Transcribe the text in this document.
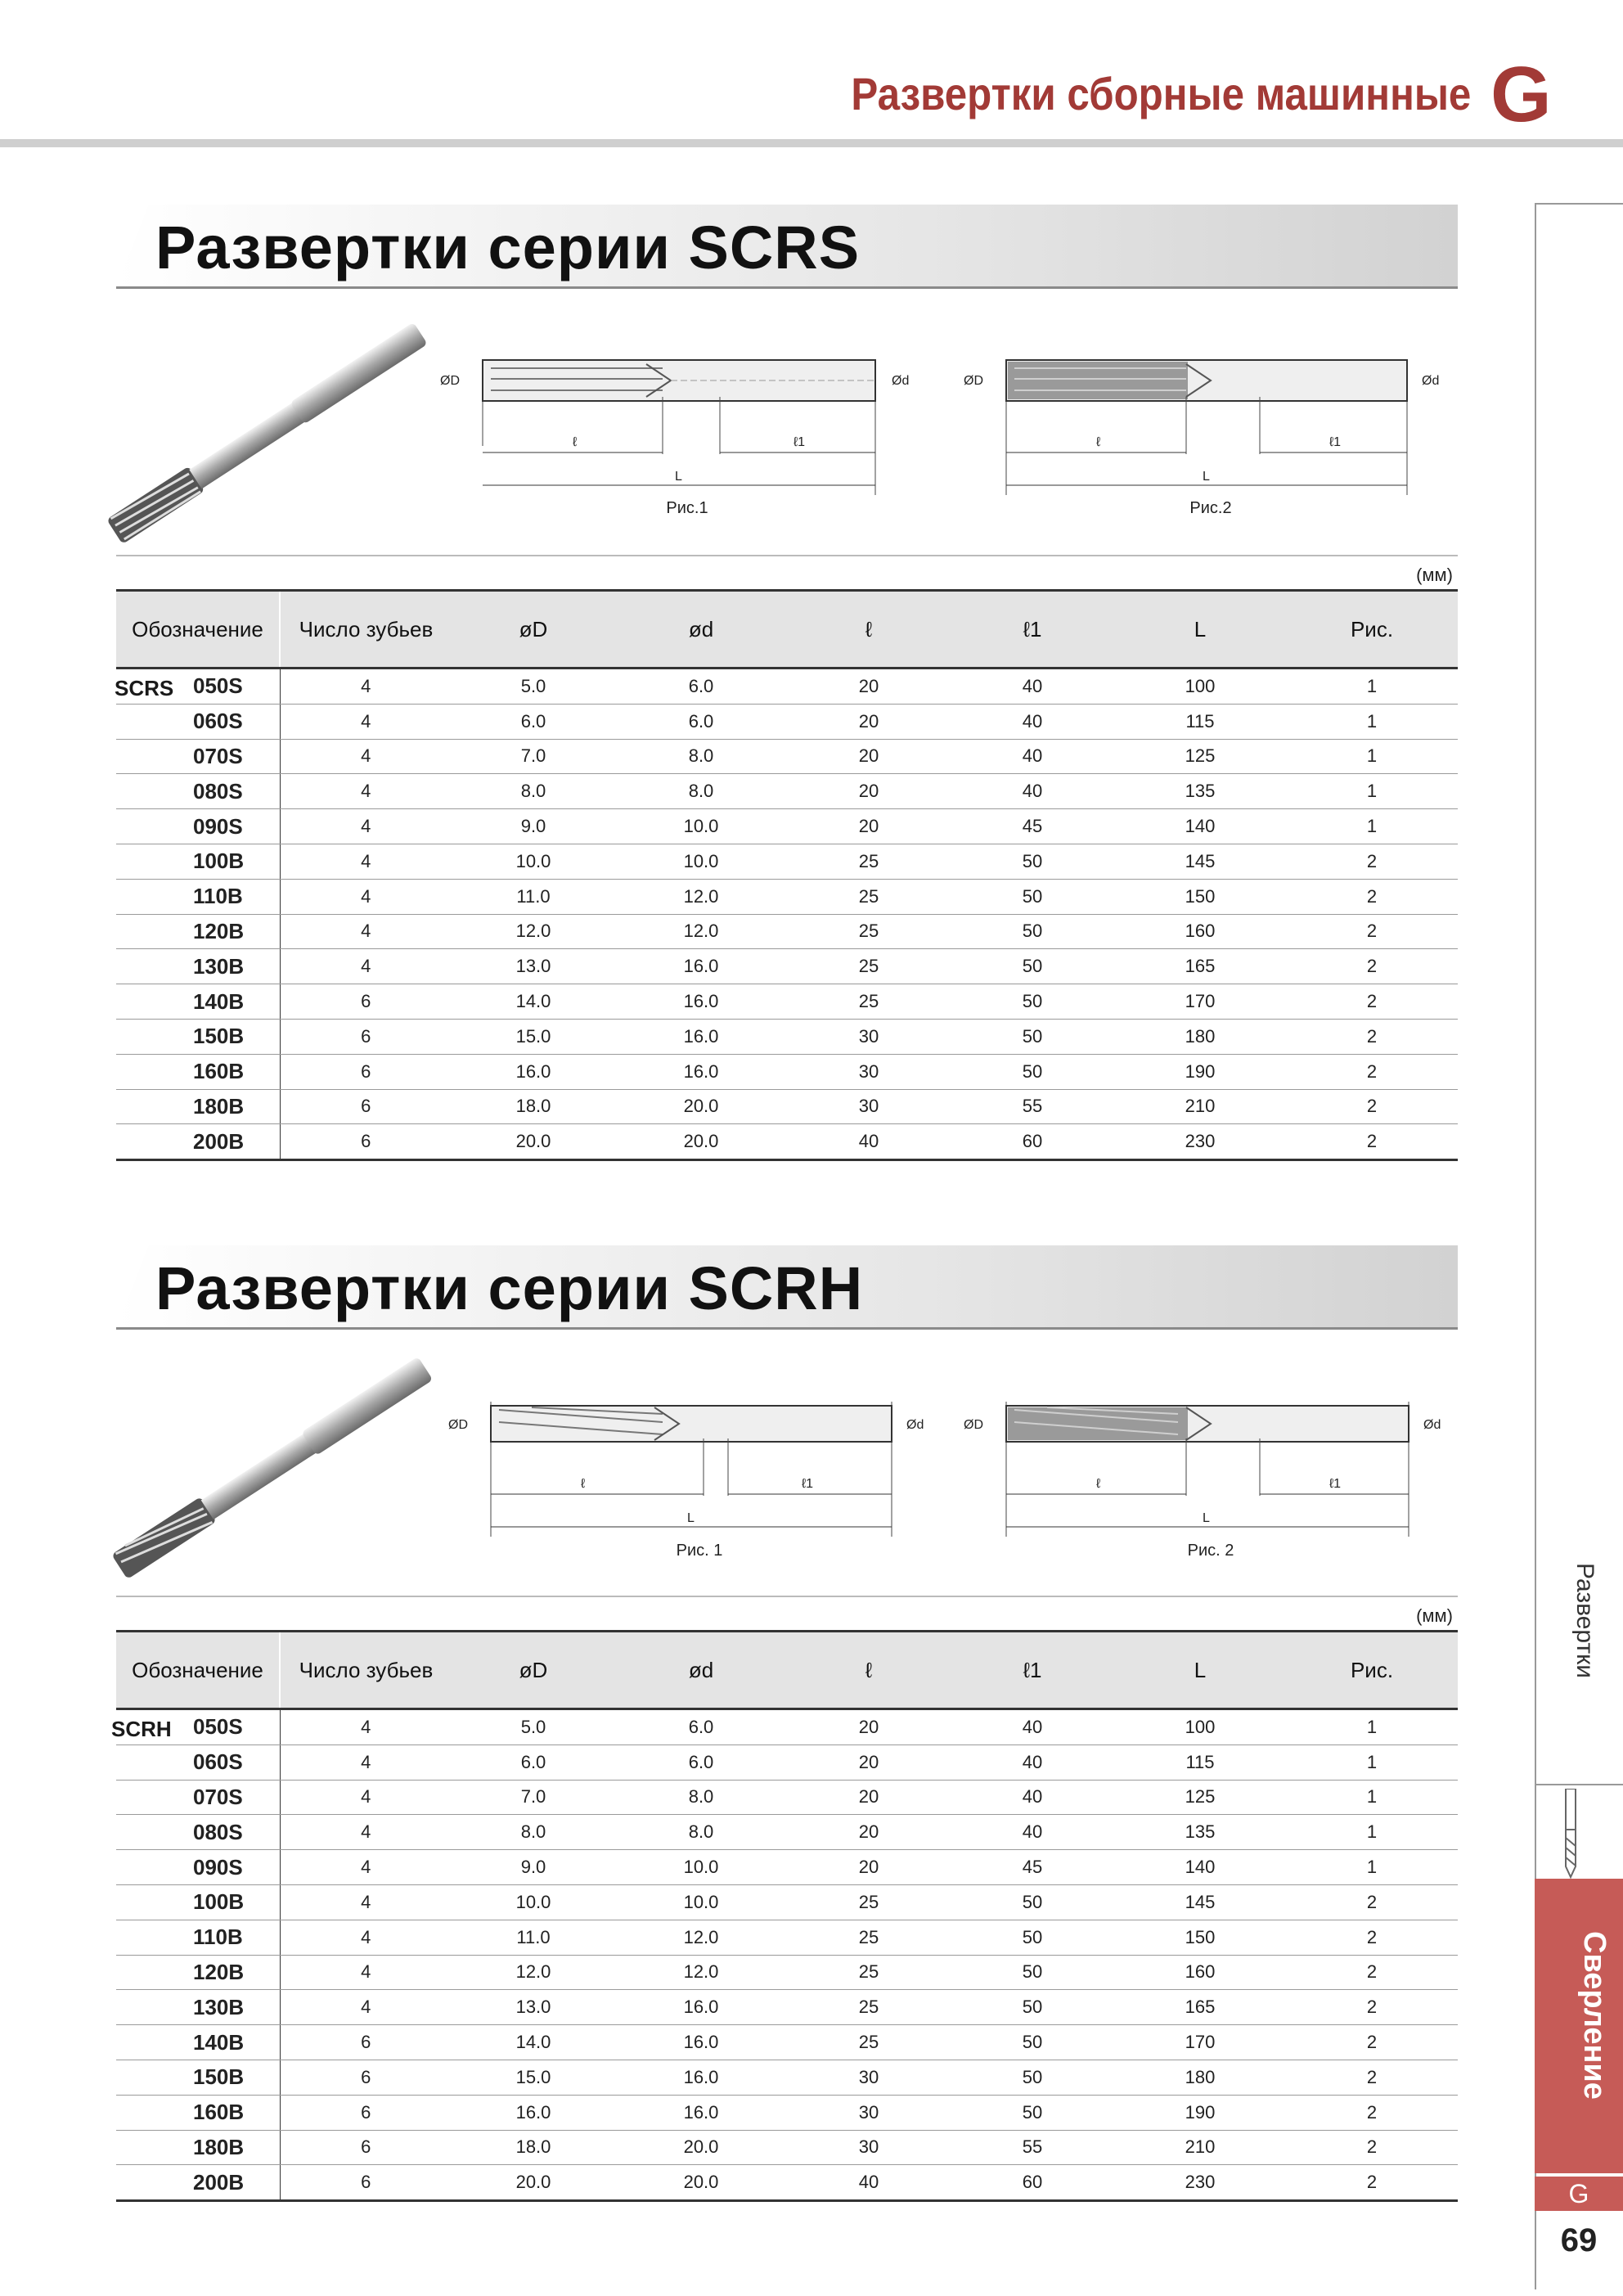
Развертки сборные машинные G
Развертки
Сверление
G
69
Развертки серии SCRS
ØD	Ød
ℓ	ℓ1
L
Рис.1
ØD	Ød
ℓ	ℓ1
L
Рис.2
(мм)
Обозначение	Число зубьев	øD	ød	ℓ	ℓ1	L	Рис.
050S	4	5.0	6.0	20	40	100	1
060S	4	6.0	6.0	20	40	115	1
070S	4	7.0	8.0	20	40	125	1
080S	4	8.0	8.0	20	40	135	1
090S	4	9.0	10.0	20	45	140	1
100B	4	10.0	10.0	25	50	145	2
110B	4	11.0	12.0	25	50	150	2
120B	4	12.0	12.0	25	50	160	2
130B	4	13.0	16.0	25	50	165	2
140B	6	14.0	16.0	25	50	170	2
150B	6	15.0	16.0	30	50	180	2
160B	6	16.0	16.0	30	50	190	2
180B	6	18.0	20.0	30	55	210	2
200B	6	20.0	20.0	40	60	230	2
Развертки серии SCRH
ØD	Ød
ℓ	ℓ1
L
Рис. 1
ØD	Ød
ℓ	ℓ1
L
Рис. 2
(мм)
Обозначение	Число зубьев	øD	ød	ℓ	ℓ1	L	Рис.
050S	4	5.0	6.0	20	40	100	1
060S	4	6.0	6.0	20	40	115	1
070S	4	7.0	8.0	20	40	125	1
080S	4	8.0	8.0	20	40	135	1
090S	4	9.0	10.0	20	45	140	1
100B	4	10.0	10.0	25	50	145	2
110B	4	11.0	12.0	25	50	150	2
120B	4	12.0	12.0	25	50	160	2
130B	4	13.0	16.0	25	50	165	2
140B	6	14.0	16.0	25	50	170	2
150B	6	15.0	16.0	30	50	180	2
160B	6	16.0	16.0	30	50	190	2
180B	6	18.0	20.0	30	55	210	2
200B	6	20.0	20.0	40	60	230	2
SCRS
SCRH
